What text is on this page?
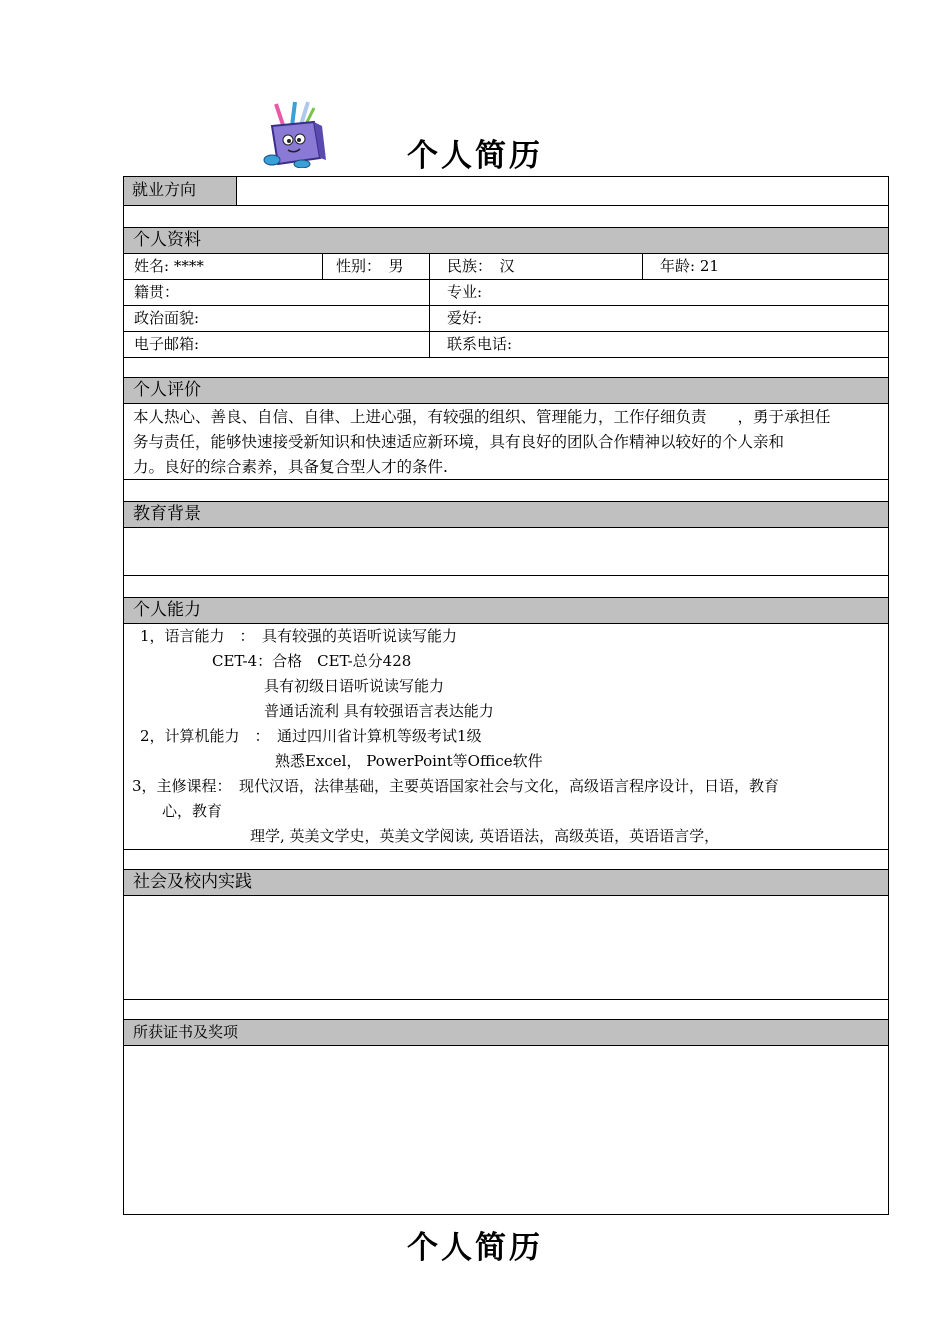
个人简历
就业方向
个人资料
姓名: ****	性别：　男	民族：　汉	年龄: 21
籍贯：	专业:
政治面貌:	爱好:
电子邮箱:	联系电话:
个人评价
本人热心、善良、自信、自律、上进心强，有较强的组织、管理能力，工作仔细负责　　，勇于承担任
务与责任，能够快速接受新知识和快速适应新环境，具有良好的团队合作精神以较好的个人亲和
力。良好的综合素养，具备复合型人才的条件.
教育背景
个人能力
1，语言能力　：　具有较强的英语听说读写能力
CET-4：合格　CET-总分428
具有初级日语听说读写能力
普通话流利 具有较强语言表达能力
2，计算机能力　：　通过四川省计算机等级考试1级
熟悉Excel， PowerPoint等Office软件
3，主修课程：　现代汉语，法律基础，主要英语国家社会与文化，高级语言程序设计，日语，教育
心，教育
理学, 英美文学史，英美文学阅读, 英语语法，高级英语，英语语言学，
社会及校内实践
所获证书及奖项
个人简历
